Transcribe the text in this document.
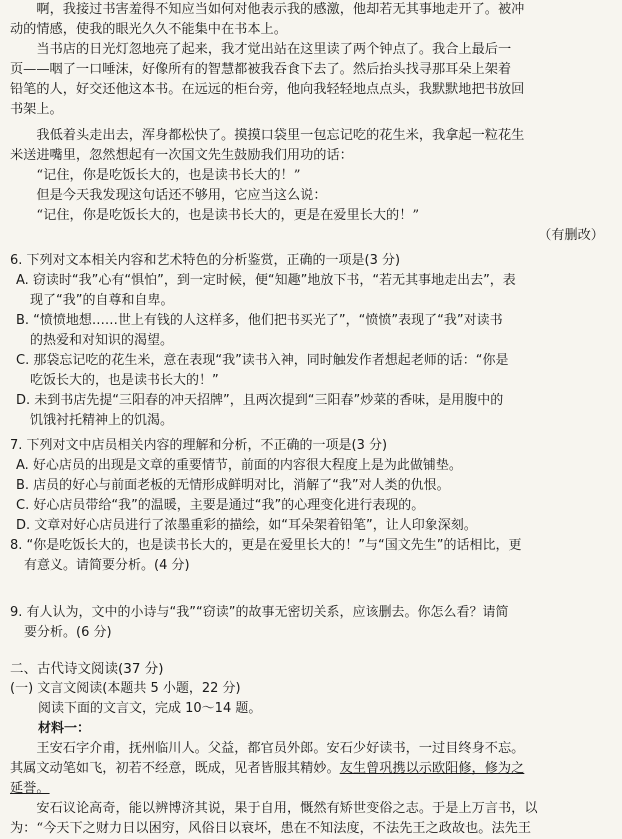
啊，我接过书害羞得不知应当如何对他表示我的感激，他却若无其事地走开了。被冲

动的情感，使我的眼光久久不能集中在书本上。

当书店的日光灯忽地亮了起来，我才觉出站在这里读了两个钟点了。我合上最后一

页——咽了一口唾沫，好像所有的智慧都被我吞食下去了。然后抬头找寻那耳朵上架着

铅笔的人，好交还他这本书。在远远的柜台旁，他向我轻轻地点点头，我默默地把书放回

书架上。

我低着头走出去，浑身都松快了。摸摸口袋里一包忘记吃的花生米，我拿起一粒花生

米送进嘴里，忽然想起有一次国文先生鼓励我们用功的话：

“记住，你是吃饭长大的，也是读书长大的！”

但是今天我发现这句话还不够用，它应当这么说：

“记住，你是吃饭长大的，也是读书长大的，更是在爱里长大的！”

（有删改）

6. 下列对文本相关内容和艺术特色的分析鉴赏，正确的一项是(3 分)

A. 窃读时“我”心有“惧怕”，到一定时候，便“知趣”地放下书，“若无其事地走出去”，表
现了“我”的自尊和自卑。

B. “愤愤地想……世上有钱的人这样多，他们把书买光了”，“愤愤”表现了“我”对读书
的热爱和对知识的渴望。

C. 那袋忘记吃的花生米，意在表现“我”读书入神，同时触发作者想起老师的话：“你是
吃饭长大的，也是读书长大的！”

D. 未到书店先提“三阳春的冲天招牌”，且两次提到“三阳春”炒菜的香味，是用腹中的
饥饿衬托精神上的饥渴。

7. 下列对文中店员相关内容的理解和分析，不正确的一项是(3 分)

A. 好心店员的出现是文章的重要情节，前面的内容很大程度上是为此做铺垫。

B. 店员的好心与前面老板的无情形成鲜明对比，消解了“我”对人类的仇恨。

C. 好心店员带给“我”的温暖，主要是通过“我”的心理变化进行表现的。

D. 文章对好心店员进行了浓墨重彩的描绘，如“耳朵架着铅笔”，让人印象深刻。

8. “你是吃饭长大的，也是读书长大的，更是在爱里长大的！”与“国文先生”的话相比，更

有意义。请简要分析。(4 分)

9. 有人认为，文中的小诗与“我”“窃读”的故事无密切关系，应该删去。你怎么看？请简

要分析。(6 分)

二、古代诗文阅读(37 分)

(一) 文言文阅读(本题共 5 小题，22 分)

阅读下面的文言文，完成 10～14 题。

材料一：

王安石字介甫，抚州临川人。父益，都官员外郎。安石少好读书，一过目终身不忘。

其属文动笔如飞，初若不经意，既成，见者皆服其精妙。友生曾巩携以示欧阳修，修为之

延誉。

安石议论高奇，能以辨博济其说，果于自用，慨然有矫世变俗之志。于是上万言书，以

为：“今天下之财力日以困穷，风俗日以衰坏，患在不知法度，不法先王之政故也。法先王
